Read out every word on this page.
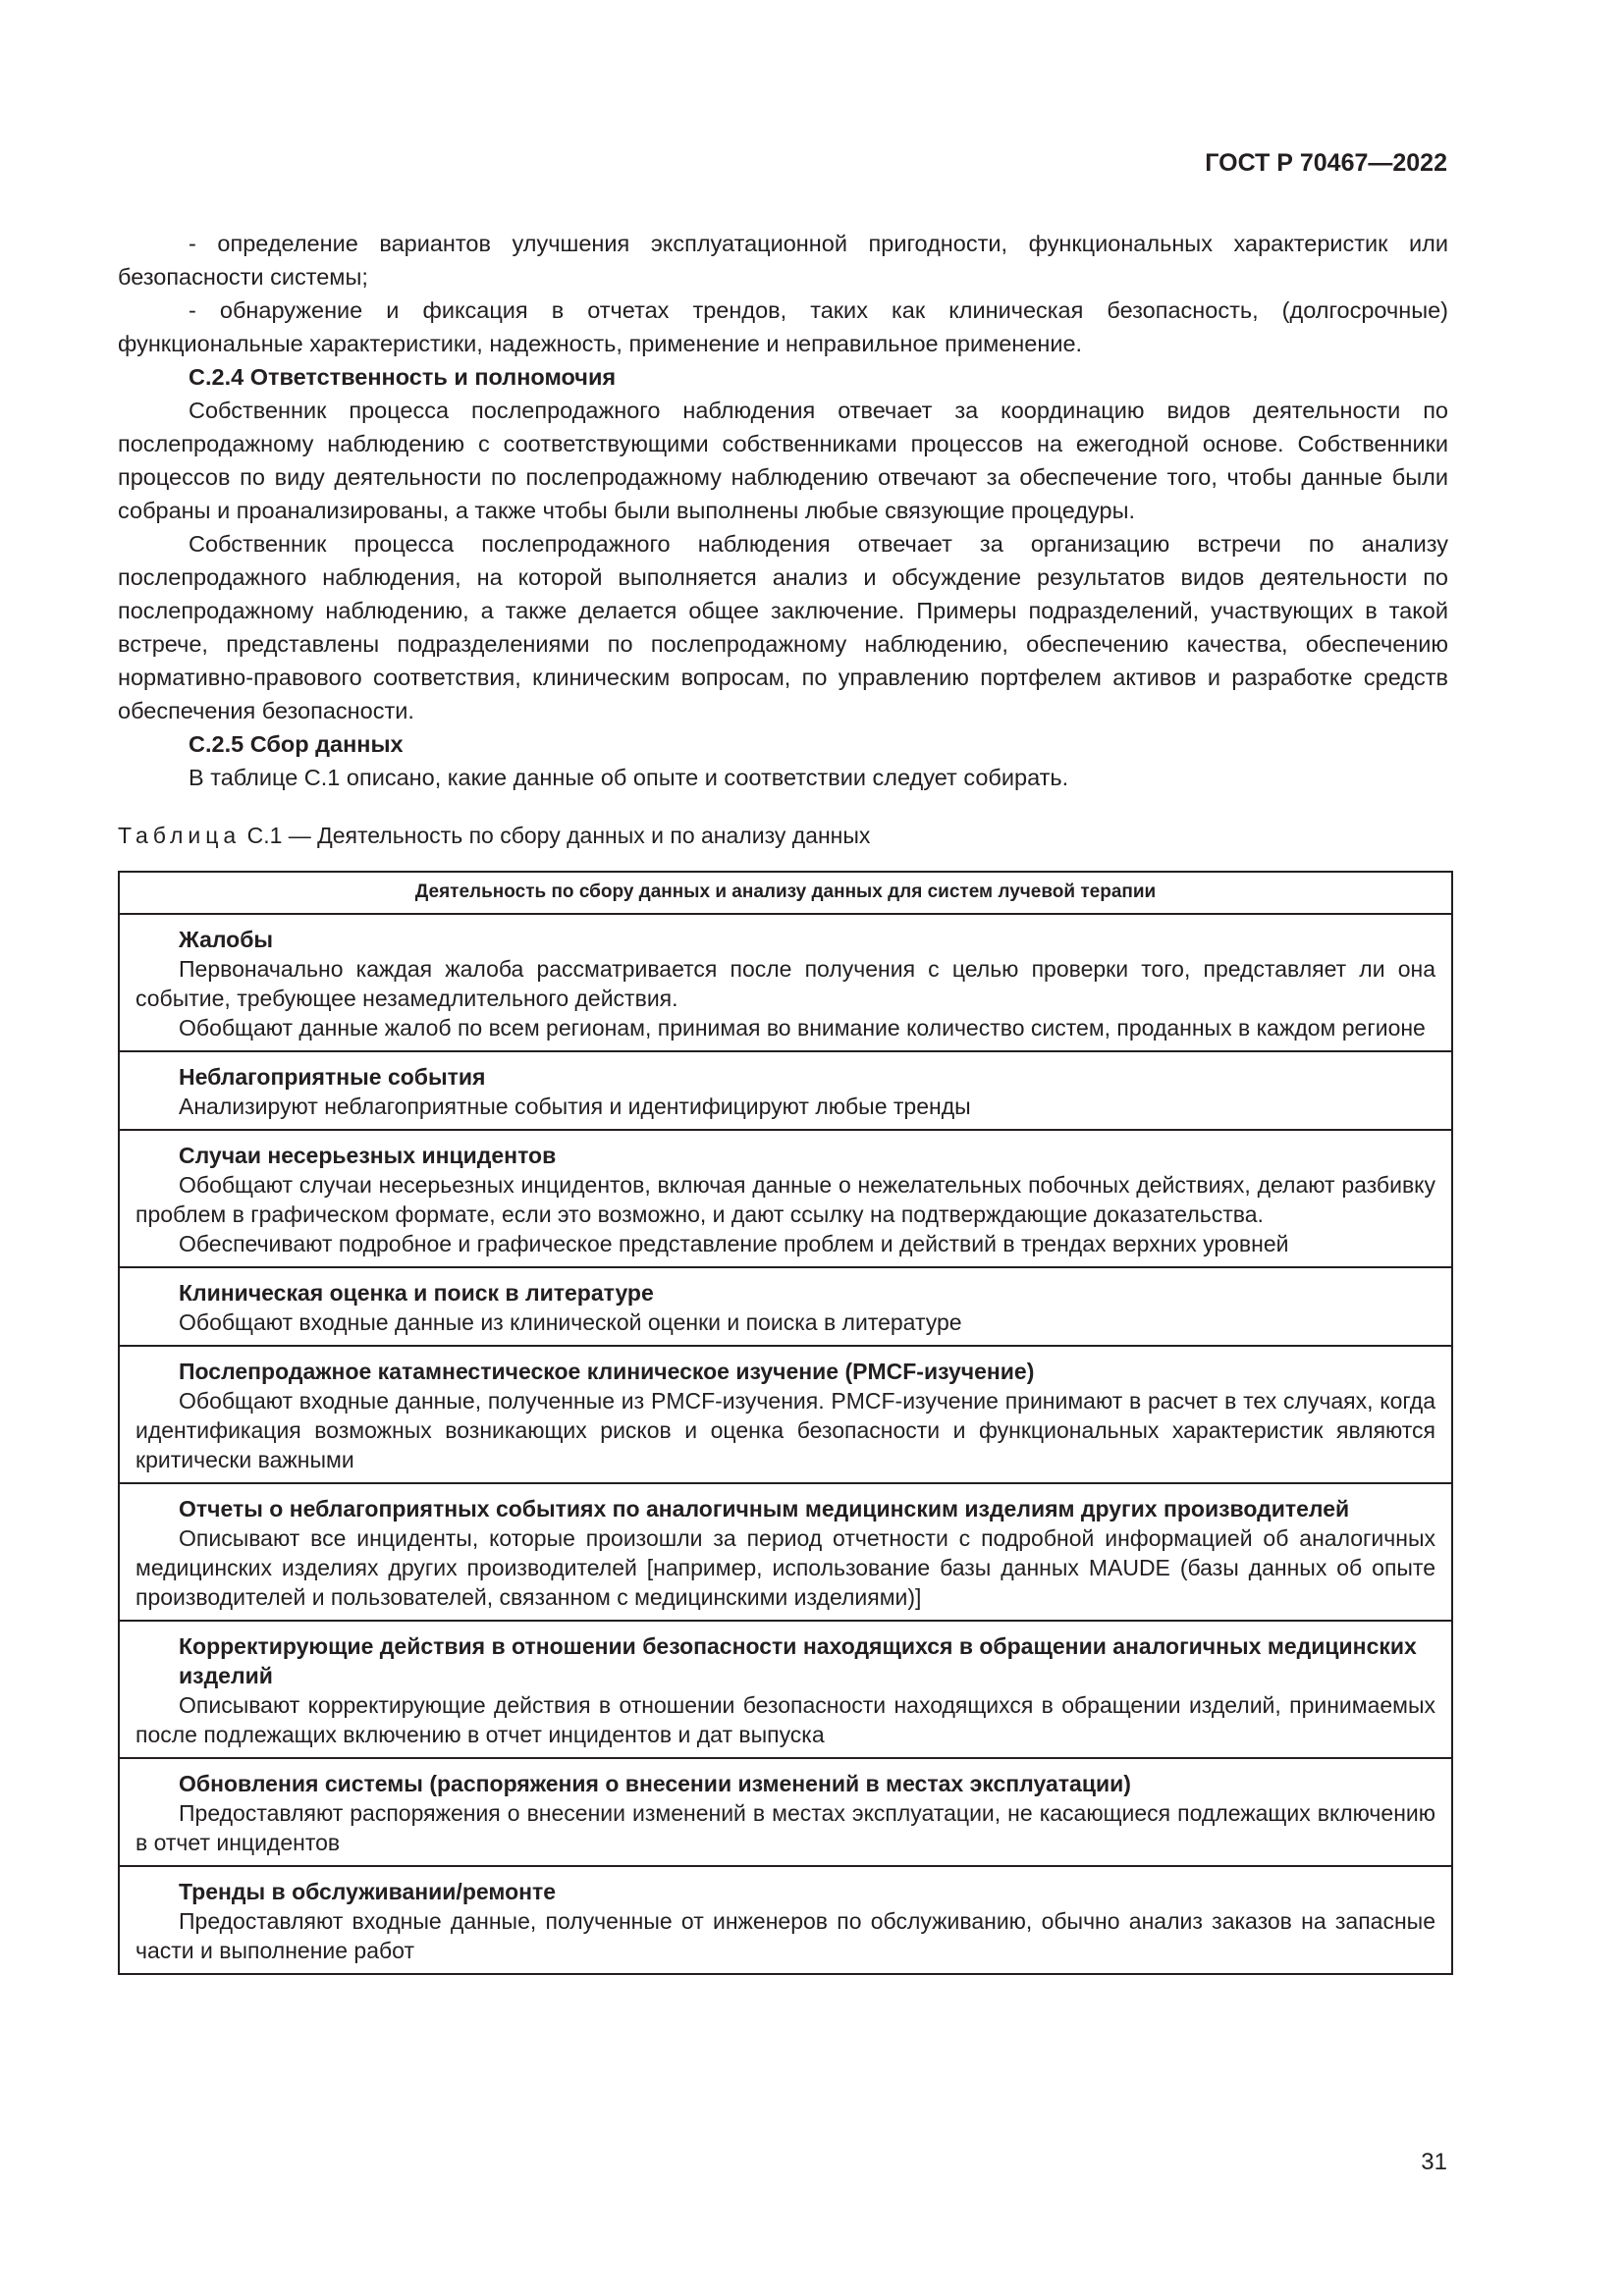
ГОСТ Р 70467—2022

- определение вариантов улучшения эксплуатационной пригодности, функциональных характеристик или безопасности системы;

- обнаружение и фиксация в отчетах трендов, таких как клиническая безопасность, (долгосрочные) функциональные характеристики, надежность, применение и неправильное применение.

С.2.4 Ответственность и полномочия

Собственник процесса послепродажного наблюдения отвечает за координацию видов деятельности по послепродажному наблюдению с соответствующими собственниками процессов на ежегодной основе. Собственники процессов по виду деятельности по послепродажному наблюдению отвечают за обеспечение того, чтобы данные были собраны и проанализированы, а также чтобы были выполнены любые связующие процедуры.

Собственник процесса послепродажного наблюдения отвечает за организацию встречи по анализу послепродажного наблюдения, на которой выполняется анализ и обсуждение результатов видов деятельности по послепродажному наблюдению, а также делается общее заключение. Примеры подразделений, участвующих в такой встрече, представлены подразделениями по послепродажному наблюдению, обеспечению качества, обеспечению нормативно-правового соответствия, клиническим вопросам, по управлению портфелем активов и разработке средств обеспечения безопасности.

С.2.5 Сбор данных

В таблице С.1 описано, какие данные об опыте и соответствии следует собирать.

Таблица С.1 — Деятельность по сбору данных и по анализу данных
Деятельность по сбору данных и анализу данных для систем лучевой терапии
Жалобы

Первоначально каждая жалоба рассматривается после получения с целью проверки того, представляет ли она событие, требующее незамедлительного действия.

Обобщают данные жалоб по всем регионам, принимая во внимание количество систем, проданных в каждом регионе

Неблагоприятные события

Анализируют неблагоприятные события и идентифицируют любые тренды

Случаи несерьезных инцидентов

Обобщают случаи несерьезных инцидентов, включая данные о нежелательных побочных действиях, делают разбивку проблем в графическом формате, если это возможно, и дают ссылку на подтверждающие доказательства.

Обеспечивают подробное и графическое представление проблем и действий в трендах верхних уровней

Клиническая оценка и поиск в литературе

Обобщают входные данные из клинической оценки и поиска в литературе

Послепродажное катамнестическое клиническое изучение (PMCF-изучение)

Обобщают входные данные, полученные из PMCF-изучения. PMCF-изучение принимают в расчет в тех случаях, когда идентификация возможных возникающих рисков и оценка безопасности и функциональных характеристик являются критически важными

Отчеты о неблагоприятных событиях по аналогичным медицинским изделиям других производителей

Описывают все инциденты, которые произошли за период отчетности с подробной информацией об аналогичных медицинских изделиях других производителей [например, использование базы данных MAUDE (базы данных об опыте производителей и пользователей, связанном с медицинскими изделиями)]

Корректирующие действия в отношении безопасности находящихся в обращении аналогичных медицинских изделий

Описывают корректирующие действия в отношении безопасности находящихся в обращении изделий, принимаемых после подлежащих включению в отчет инцидентов и дат выпуска

Обновления системы (распоряжения о внесении изменений в местах эксплуатации)

Предоставляют распоряжения о внесении изменений в местах эксплуатации, не касающиеся подлежащих включению в отчет инцидентов

Тренды в обслуживании/ремонте

Предоставляют входные данные, полученные от инженеров по обслуживанию, обычно анализ заказов на запасные части и выполнение работ

31
